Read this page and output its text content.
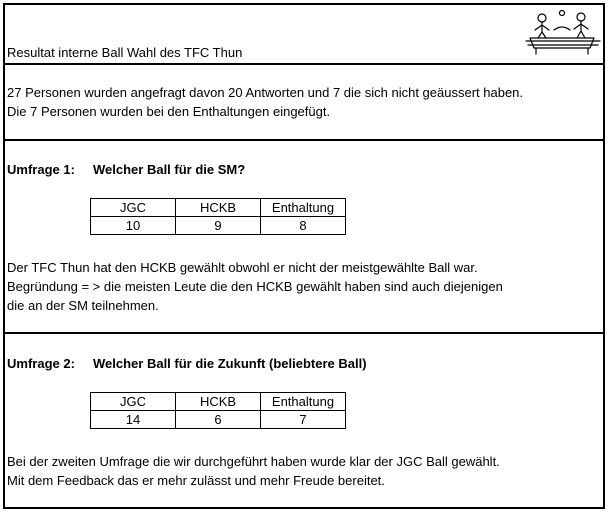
Resultat interne Ball Wahl des TFC Thun
27 Personen wurden angefragt davon 20 Antworten und 7 die sich nicht geäussert haben.
Die 7 Personen wurden bei den Enthaltungen eingefügt.
Umfrage 1: Welcher Ball für die SM?
JGC	HCKB	Enthaltung
10	9	8
Der TFC Thun hat den HCKB gewählt obwohl er nicht der meistgewählte Ball war.
Begründung = > die meisten Leute die den HCKB gewählt haben sind auch diejenigen
die an der SM teilnehmen.
Umfrage 2: Welcher Ball für die Zukunft (beliebtere Ball)
JGC	HCKB	Enthaltung
14	6	7
Bei der zweiten Umfrage die wir durchgeführt haben wurde klar der JGC Ball gewählt.
Mit dem Feedback das er mehr zulässt und mehr Freude bereitet.
